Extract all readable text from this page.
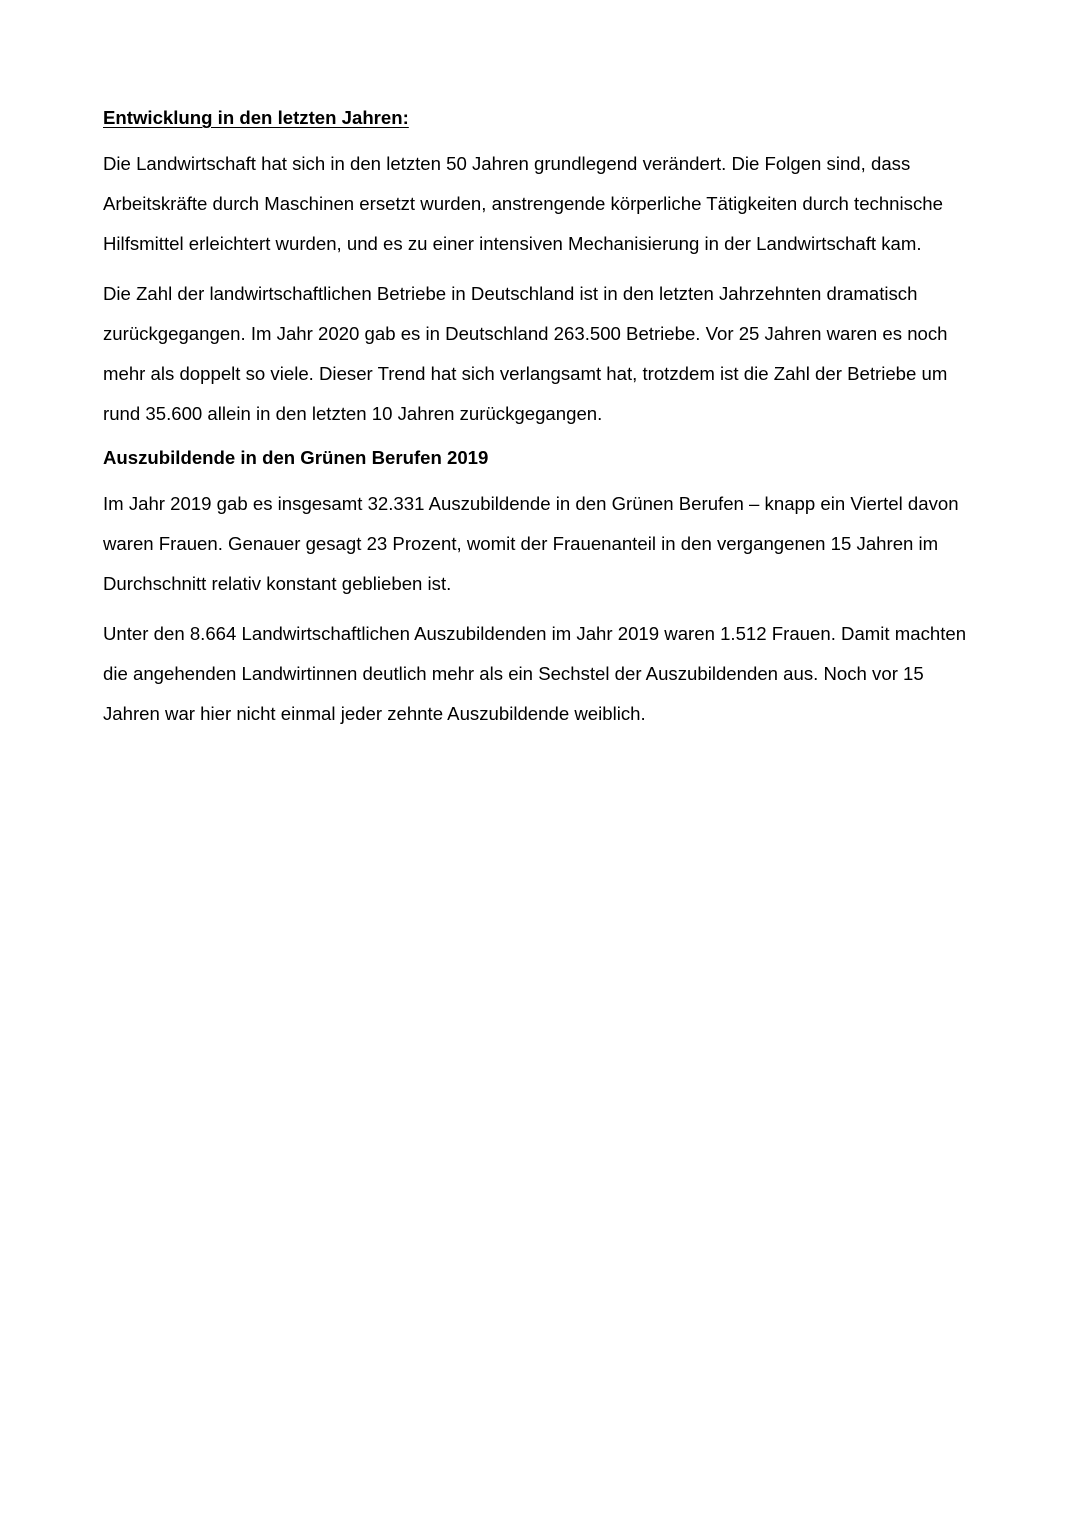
Entwicklung in den letzten Jahren:

Die Landwirtschaft hat sich in den letzten 50 Jahren grundlegend verändert. Die Folgen sind, dass Arbeitskräfte durch Maschinen ersetzt wurden, anstrengende körperliche Tätigkeiten durch technische Hilfsmittel erleichtert wurden, und es zu einer intensiven Mechanisierung in der Landwirtschaft kam.

Die Zahl der landwirtschaftlichen Betriebe in Deutschland ist in den letzten Jahrzehnten dramatisch zurückgegangen. Im Jahr 2020 gab es in Deutschland 263.500 Betriebe. Vor 25 Jahren waren es noch mehr als doppelt so viele. Dieser Trend hat sich verlangsamt hat, trotzdem ist die Zahl der Betriebe um rund 35.600 allein in den letzten 10 Jahren zurückgegangen.

Auszubildende in den Grünen Berufen 2019

Im Jahr 2019 gab es insgesamt 32.331 Auszubildende in den Grünen Berufen – knapp ein Viertel davon waren Frauen. Genauer gesagt 23 Prozent, womit der Frauenanteil in den vergangenen 15 Jahren im Durchschnitt relativ konstant geblieben ist.

Unter den 8.664 Landwirtschaftlichen Auszubildenden im Jahr 2019 waren 1.512 Frauen. Damit machten die angehenden Landwirtinnen deutlich mehr als ein Sechstel der Auszubildenden aus. Noch vor 15 Jahren war hier nicht einmal jeder zehnte Auszubildende weiblich.
